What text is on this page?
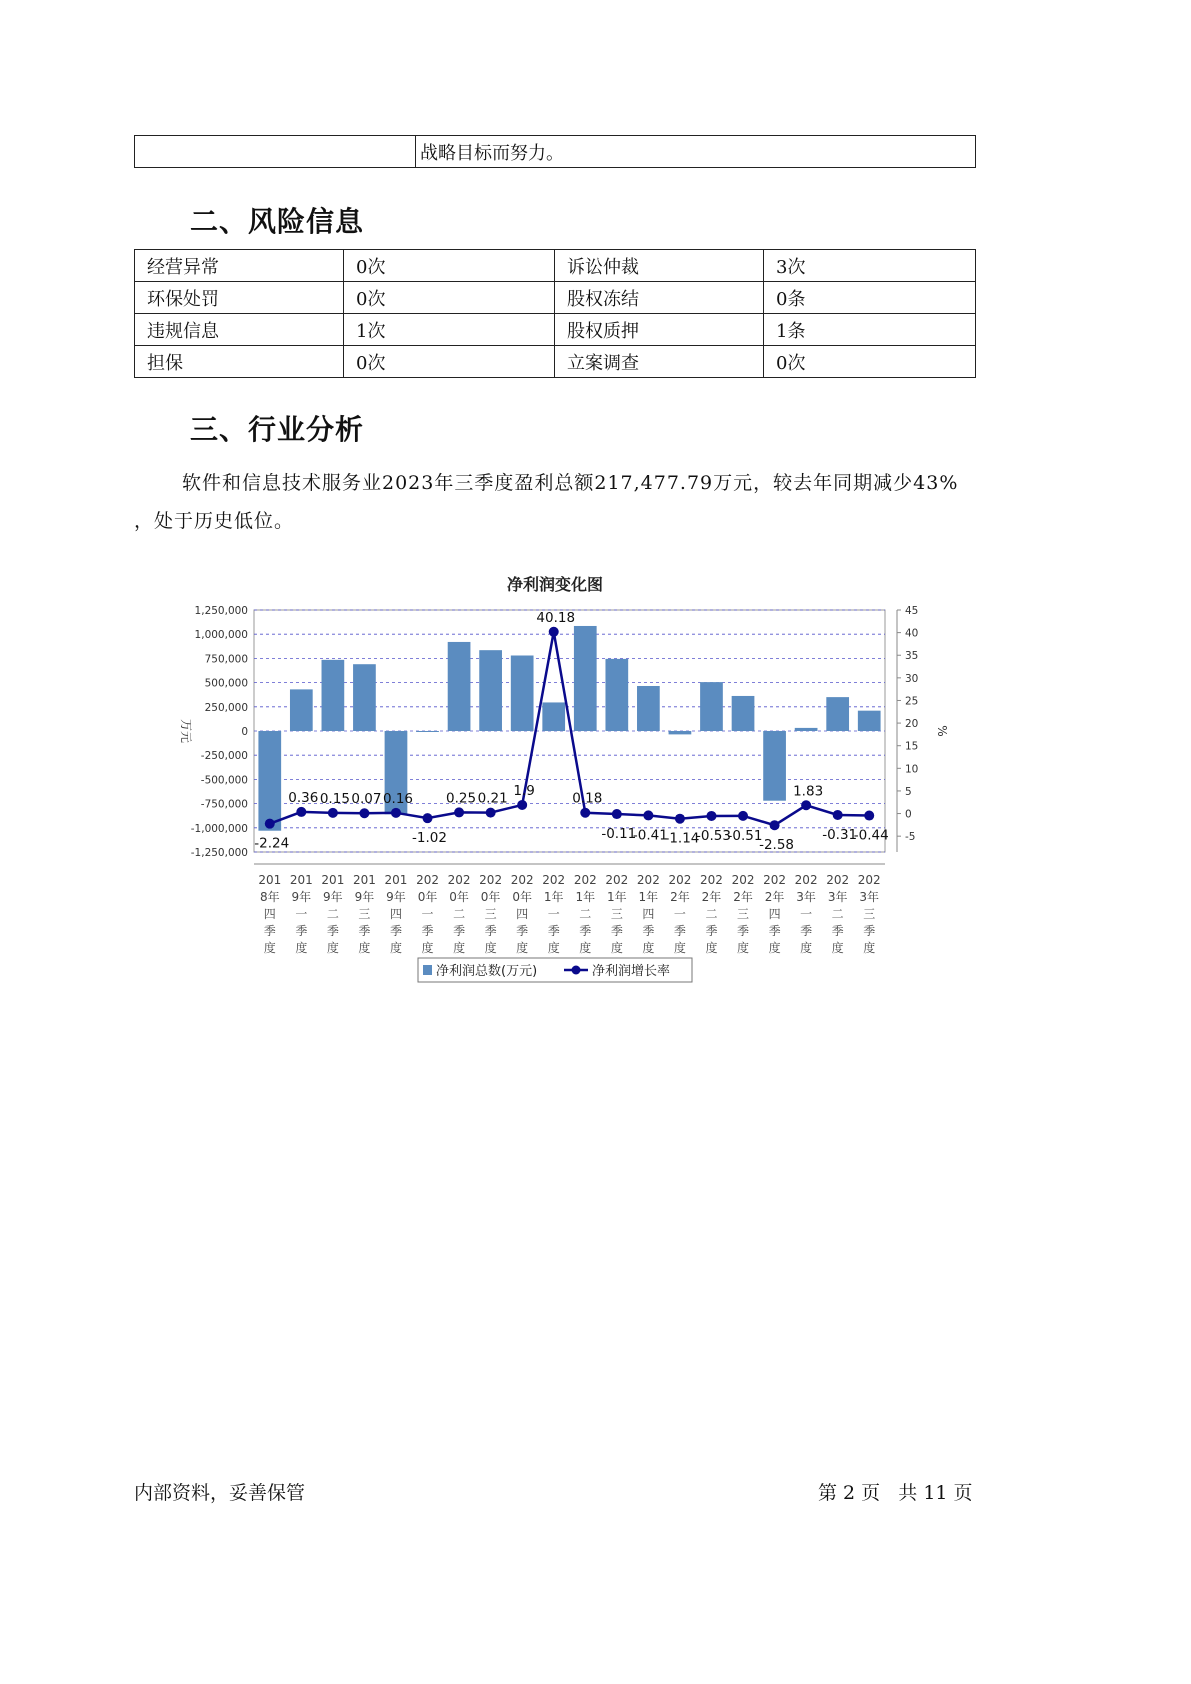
	战略目标而努力。
二、风险信息
经营异常	0次	诉讼仲裁	3次
环保处罚	0次	股权冻结	0条
违规信息	1次	股权质押	1条
担保	0次	立案调查	0次
三、行业分析
软件和信息技术服务业2023年三季度盈利总额217,477.79万元，较去年同期减少43%
，处于历史低位。
净利润变化图
1,250,000
1,000,000
750,000
500,000
250,000
0
-250,000
-500,000
-750,000
-1,000,000
-1,250,000
45
40
35
30
25
20
15
10
5
0
-5
万元	%
201
8年
四
季
度
201
9年
一
季
度
201
9年
二
季
度
201
9年
三
季
度
201
9年
四
季
度
202
0年
一
季
度
202
0年
二
季
度
202
0年
三
季
度
202
0年
四
季
度
202
1年
一
季
度
202
1年
二
季
度
202
1年
三
季
度
202
1年
四
季
度
202
2年
一
季
度
202
2年
二
季
度
202
2年
三
季
度
202
2年
四
季
度
202
3年
一
季
度
202
3年
二
季
度
202
3年
三
季
度
-2.24
0.36 0.15 0.07 0.16
-1.02
0.25 0.21 1.9
40.18
0.18
-0.11
-0.41
-1.14
-0.53
-0.51
-2.58
1.83
-0.31
-0.44
净利润总数(万元)	净利润增长率
内部资料，妥善保管	第 2 页   共 11 页
